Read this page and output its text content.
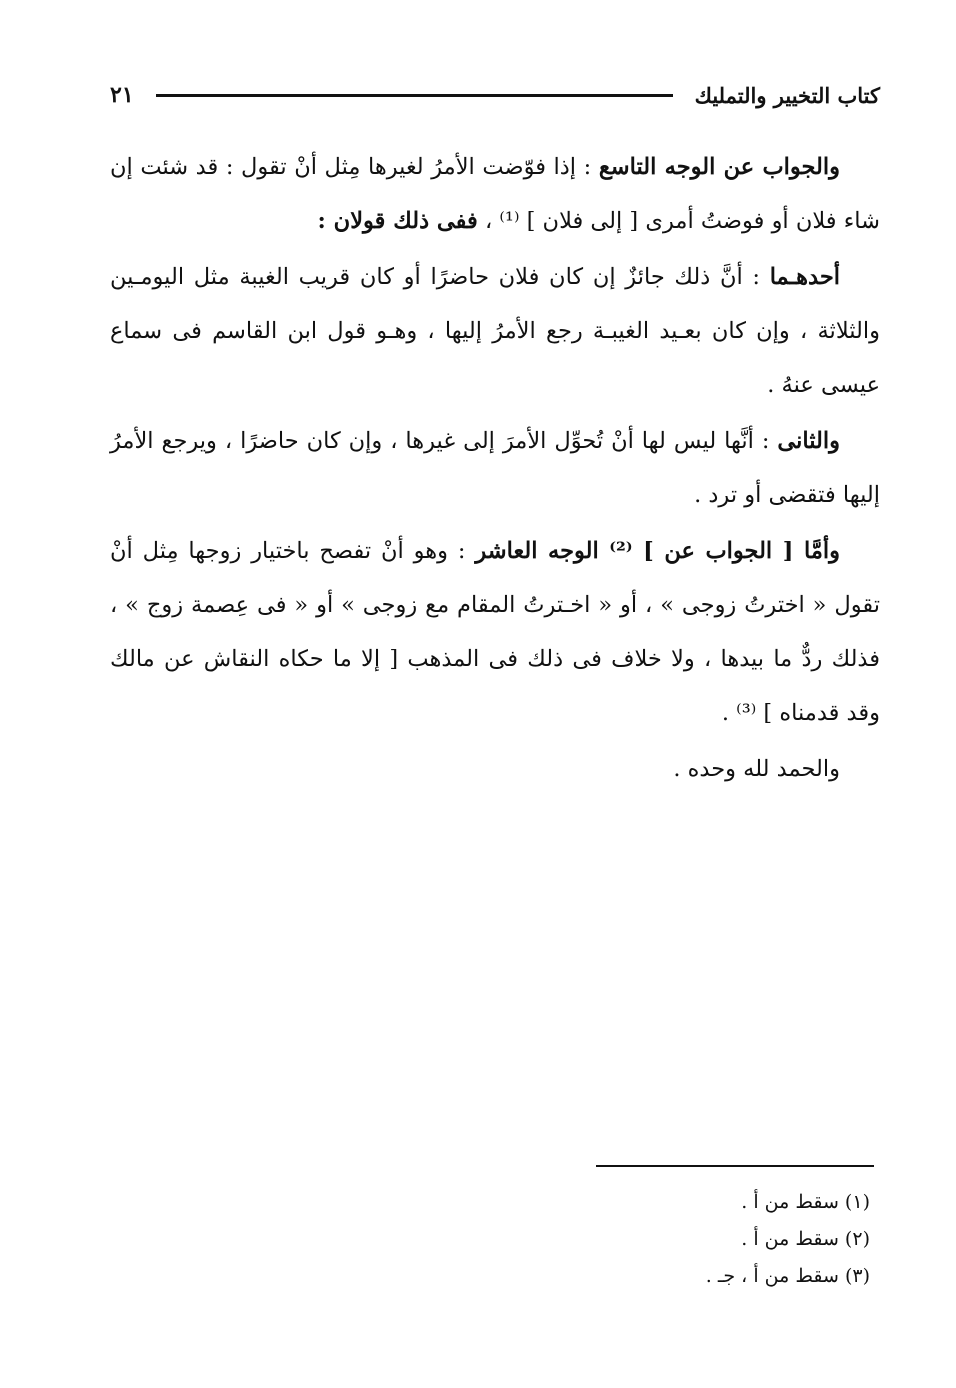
كتاب التخيير والتمليك
٢١

والجواب عن الوجه التاسع : إذا فوّضت الأمرُ لغيرها مِثل أنْ تقول : قد شئت إن شاء فلان أو فوضتُ أمرى [ إلى فلان ] ⁽¹⁾ ، ففى ذلك قولان :

أحدهـما : أنَّ ذلك جائزٌ إن كان فلان حاضرًا أو كان قريب الغيبة مثل اليومـين والثلاثة ، وإن كان بعـيد الغيبـة رجع الأمرُ إليها ، وهـو قول ابن القاسم فى سماع عيسى عنهُ .

والثانى : أنَّها ليس لها أنْ تُحوِّل الأمرَ إلى غيرها ، وإن كان حاضرًا ، ويرجع الأمرُ إليها فتقضى أو ترد .

وأمَّا [ الجواب عن ] ⁽²⁾ الوجه العاشر : وهو أنْ تفصح باختيار زوجها مِثل أنْ تقول « اخترتُ زوجى » ، أو « اخـترتُ المقام مع زوجى » أو « فى عِصمة زوج » ، فذلك ردٌّ ما بيدها ، ولا خلاف فى ذلك فى المذهب [ إلا ما حكاه النقاش عن مالك وقد قدمناه ] ⁽³⁾ .

والحمد لله وحده .

(١) سقط من أ .
(٢) سقط من أ .
(٣) سقط من أ ، جـ .
